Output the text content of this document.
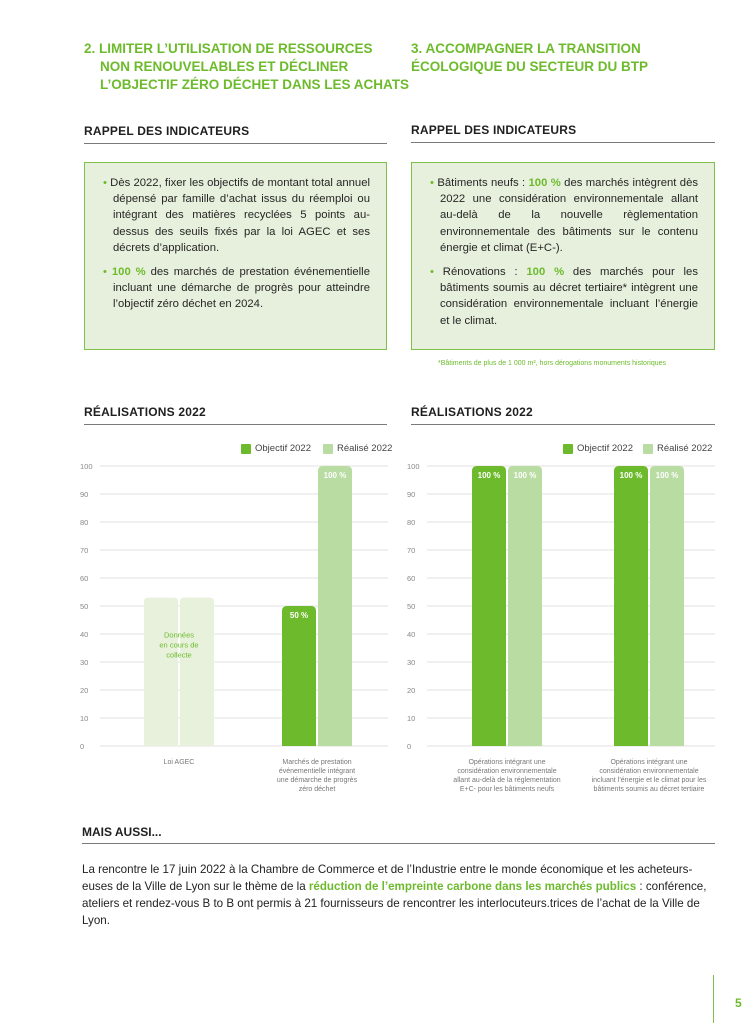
2. LIMITER L’UTILISATION DE RESSOURCES
NON RENOUVELABLES ET DÉCLINER
L’OBJECTIF ZÉRO DÉCHET DANS LES ACHATS
3. ACCOMPAGNER LA TRANSITION
ÉCOLOGIQUE DU SECTEUR DU BTP
RAPPEL DES INDICATEURS	RAPPEL DES INDICATEURS

• Dès 2022, fixer les objectifs de montant total annuel dépensé par famille d’achat issus du réemploi ou intégrant des matières recyclées 5 points au-dessus des seuils fixés par la loi AGEC et ses décrets d’application.

• 100 % des marchés de prestation événementielle incluant une démarche de progrès pour atteindre l’objectif zéro déchet en 2024.

• Bâtiments neufs : 100 % des marchés intègrent dès 2022 une considération environnementale allant au-delà de la nouvelle règlementation environnementale des bâtiments sur le contenu énergie et climat (E+C-).

• Rénovations : 100 % des marchés pour les bâtiments soumis au décret tertiaire* intègrent une considération environnementale incluant l’énergie et le climat.

*Bâtiments de plus de 1 000 m², hors dérogations monuments historiques
RÉALISATIONS 2022	RÉALISATIONS 2022
Objectif 2022	Réalisé 2022	Objectif 2022	Réalisé 2022
0
10
20
30
40
50
60
70
80
90
100
Données
en cours de
collecte
Loi AGEC
50 %
100 %
Marchés de prestation
événementielle intégrant
une démarche de progrès
zéro déchet
0
10
20
30
40
50
60
70
80
90
100
100 % 100 %
Opérations intégrant une
considération environnementale
allant au-delà de la réglementation
E+C- pour les bâtiments neufs
100 % 100 %
Opérations intégrant une
considération environnementale
incluant l’énergie et le climat pour les
bâtiments soumis au décret tertiaire
MAIS AUSSI...
La rencontre le 17 juin 2022 à la Chambre de Commerce et de l’Industrie entre le monde économique et les acheteurs-euses de la Ville de Lyon sur le thème de la réduction de l’empreinte carbone dans les marchés publics : conférence, ateliers et rendez-vous B to B ont permis à 21 fournisseurs de rencontrer les interlocuteurs.trices de l’achat de la Ville de Lyon.
5
